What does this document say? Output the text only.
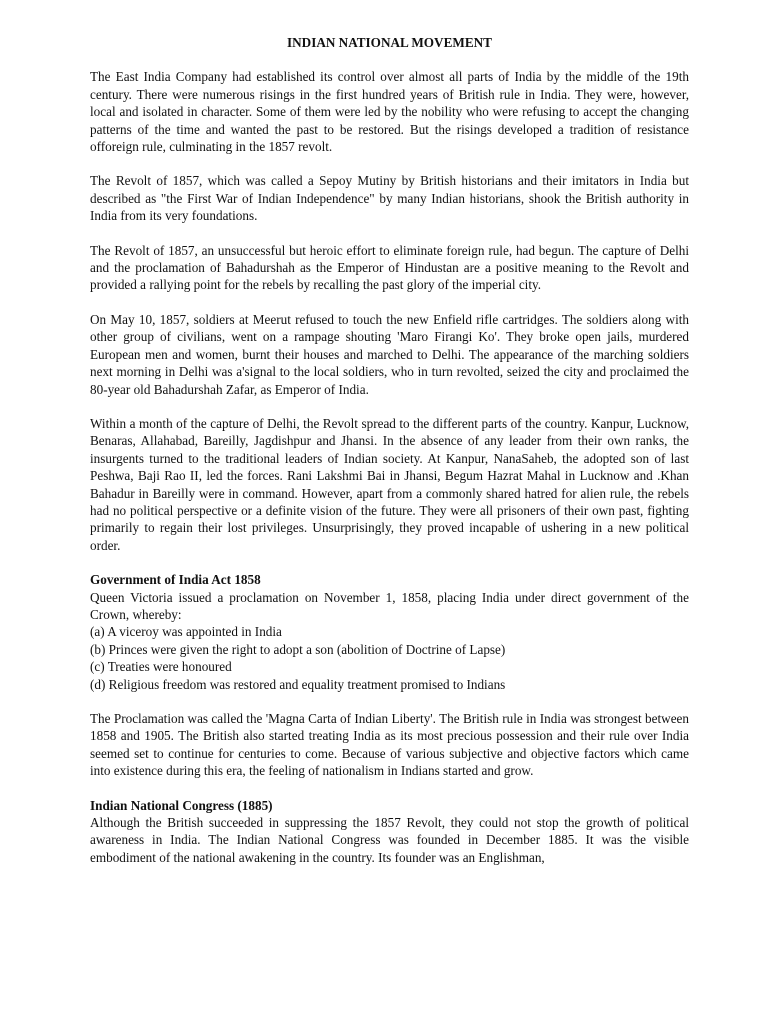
INDIAN NATIONAL MOVEMENT

The East India Company had established its control over almost all parts of India by the middle of the 19th century. There were numerous risings in the first hundred years of British rule in India. They were, however, local and isolated in character. Some of them were led by the nobility who were refusing to accept the changing patterns of the time and wanted the past to be restored. But the risings developed a tradition of resistance offoreign rule, culminating in the 1857 revolt.

The Revolt of 1857, which was called a Sepoy Mutiny by British historians and their imitators in India but described as "the First War of Indian Independence" by many Indian historians, shook the British authority in India from its very foundations.

The Revolt of 1857, an unsuccessful but heroic effort to eliminate foreign rule, had begun. The capture of Delhi and the proclamation of Bahadurshah as the Emperor of Hindustan are a positive meaning to the Revolt and provided a rallying point for the rebels by recalling the past glory of the imperial city.

On May 10, 1857, soldiers at Meerut refused to touch the new Enfield rifle cartridges. The soldiers along with other group of civilians, went on a rampage shouting 'Maro Firangi Ko'. They broke open jails, murdered European men and women, burnt their houses and marched to Delhi. The appearance of the marching soldiers next morning in Delhi was a'signal to the local soldiers, who in turn revolted, seized the city and proclaimed the 80-year old Bahadurshah Zafar, as Emperor of India.

Within a month of the capture of Delhi, the Revolt spread to the different parts of the country. Kanpur, Lucknow, Benaras, Allahabad, Bareilly, Jagdishpur and Jhansi. In the absence of any leader from their own ranks, the insurgents turned to the traditional leaders of Indian society. At Kanpur, NanaSaheb, the adopted son of last Peshwa, Baji Rao II, led the forces. Rani Lakshmi Bai in Jhansi, Begum Hazrat Mahal in Lucknow and .Khan Bahadur in Bareilly were in command. However, apart from a commonly shared hatred for alien rule, the rebels had no political perspective or a definite vision of the future. They were all prisoners of their own past, fighting primarily to regain their lost privileges. Unsurprisingly, they proved incapable of ushering in a new political order.

Government of India Act 1858

Queen Victoria issued a proclamation on November 1, 1858, placing India under direct government of the Crown, whereby:

(a) A viceroy was appointed in India
(b) Princes were given the right to adopt a son (abolition of Doctrine of Lapse)
(c) Treaties were honoured
(d) Religious freedom was restored and equality treatment promised to Indians

The Proclamation was called the 'Magna Carta of Indian Liberty'. The British rule in India was strongest between 1858 and 1905. The British also started treating India as its most precious possession and their rule over India seemed set to continue for centuries to come. Because of various subjective and objective factors which came into existence during this era, the feeling of nationalism in Indians started and grow.

Indian National Congress (1885)

Although the British succeeded in suppressing the 1857 Revolt, they could not stop the growth of political awareness in India. The Indian National Congress was founded in December 1885. It was the visible embodiment of the national awakening in the country. Its founder was an Englishman,
